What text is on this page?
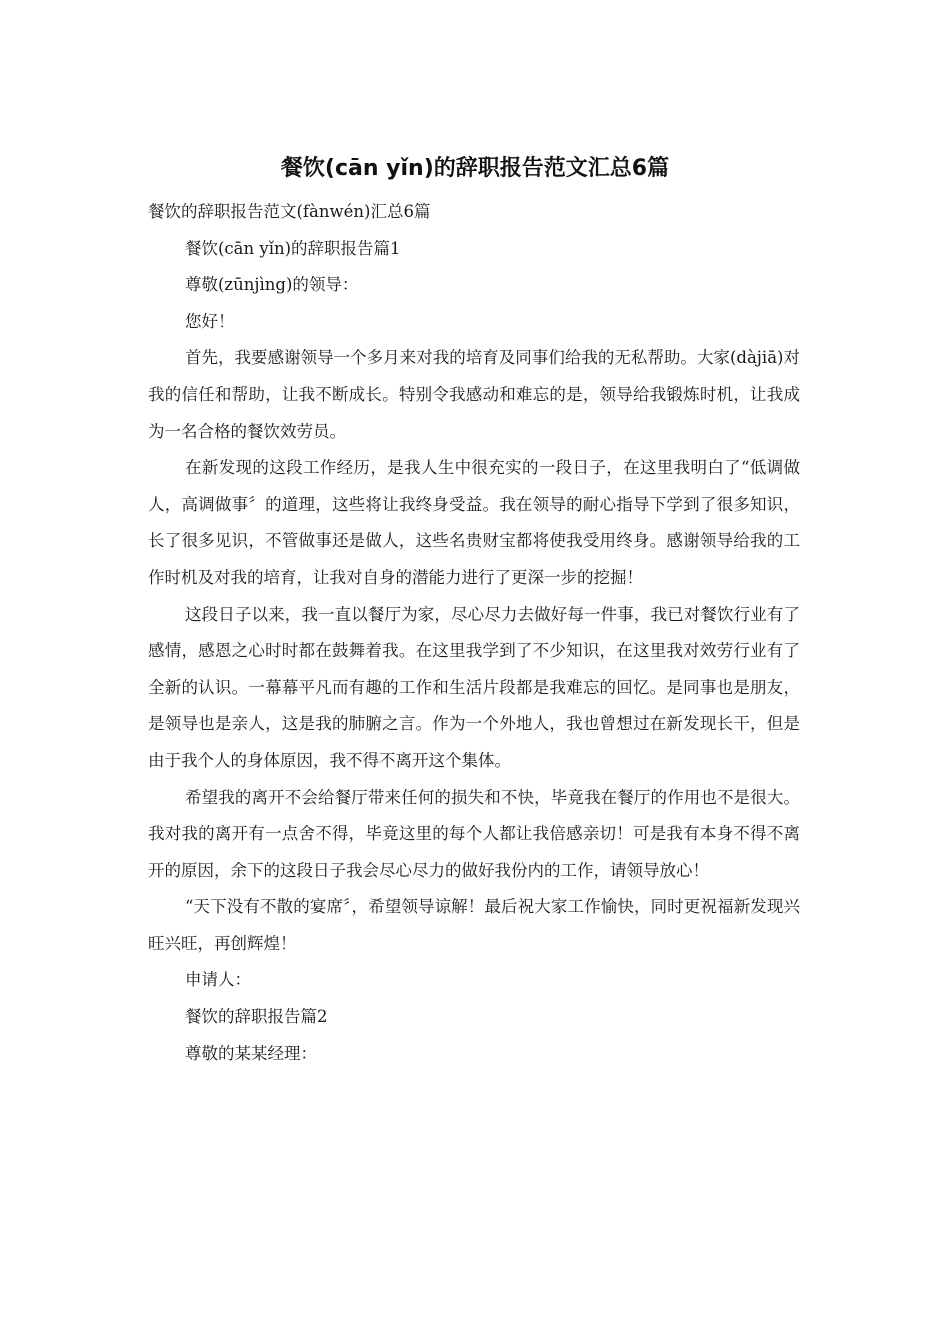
餐饮(cān yǐn)的辞职报告范文汇总6篇

餐饮的辞职报告范文(fànwén)汇总6篇

餐饮(cān yǐn)的辞职报告篇1

尊敬(zūnjìng)的领导：

您好！

首先，我要感谢领导一个多月来对我的培育及同事们给我的无私帮助。大家(dàjiā)对我的信任和帮助，让我不断成长。特别令我感动和难忘的是，领导给我锻炼时机，让我成为一名合格的餐饮效劳员。

在新发现的这段工作经历，是我人生中很充实的一段日子，在这里我明白了“低调做人，高调做事〞的道理，这些将让我终身受益。我在领导的耐心指导下学到了很多知识，长了很多见识，不管做事还是做人，这些名贵财宝都将使我受用终身。感谢领导给我的工作时机及对我的培育，让我对自身的潜能力进行了更深一步的挖掘！

这段日子以来，我一直以餐厅为家，尽心尽力去做好每一件事，我已对餐饮行业有了感情，感恩之心时时都在鼓舞着我。在这里我学到了不少知识，在这里我对效劳行业有了全新的认识。一幕幕平凡而有趣的工作和生活片段都是我难忘的回忆。是同事也是朋友，是领导也是亲人，这是我的肺腑之言。作为一个外地人，我也曾想过在新发现长干，但是由于我个人的身体原因，我不得不离开这个集体。

希望我的离开不会给餐厅带来任何的损失和不快，毕竟我在餐厅的作用也不是很大。我对我的离开有一点舍不得，毕竟这里的每个人都让我倍感亲切！可是我有本身不得不离开的原因，余下的这段日子我会尽心尽力的做好我份内的工作，请领导放心！

“天下没有不散的宴席〞，希望领导谅解！最后祝大家工作愉快，同时更祝福新发现兴旺兴旺，再创辉煌！

申请人：

餐饮的辞职报告篇2

尊敬的某某经理：
